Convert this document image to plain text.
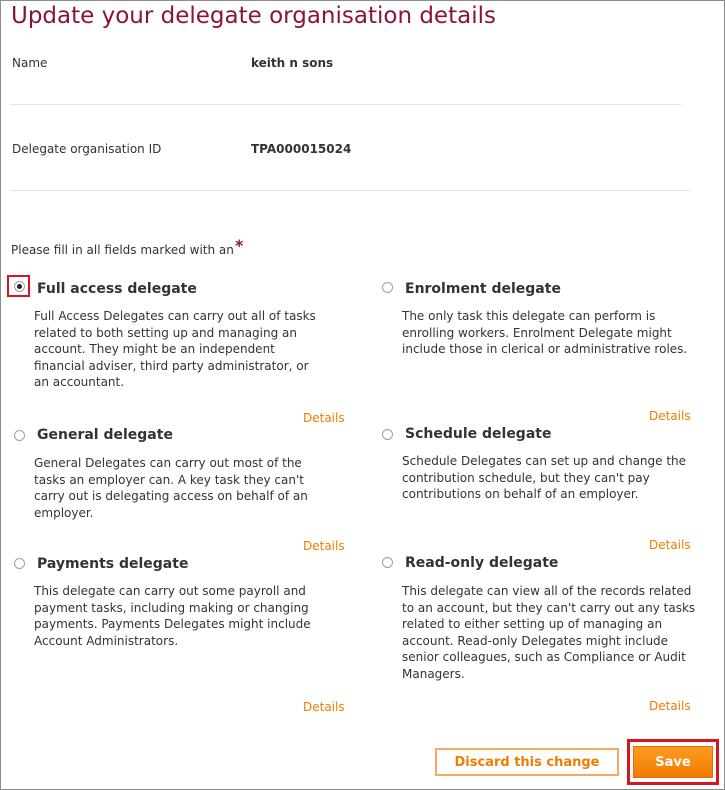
Update your delegate organisation details
Name	keith n sons
Delegate organisation ID	TPA000015024
Please fill in all fields marked with an *
Full access delegate

Full Access Delegates can carry out all of tasks related to both setting up and managing an account. They might be an independent financial adviser, third party administrator, or an accountant.

Details
Enrolment delegate

The only task this delegate can perform is enrolling workers. Enrolment Delegate might include those in clerical or administrative roles.

Details
General delegate

General Delegates can carry out most of the tasks an employer can. A key task they can't carry out is delegating access on behalf of an employer.

Details
Schedule delegate

Schedule Delegates can set up and change the contribution schedule, but they can't pay contributions on behalf of an employer.

Details
Payments delegate

This delegate can carry out some payroll and payment tasks, including making or changing payments. Payments Delegates might include Account Administrators.

Details
Read-only delegate

This delegate can view all of the records related to an account, but they can't carry out any tasks related to either setting up of managing an account. Read-only Delegates might include senior colleagues, such as Compliance or Audit Managers.

Details
Discard this change	Save
